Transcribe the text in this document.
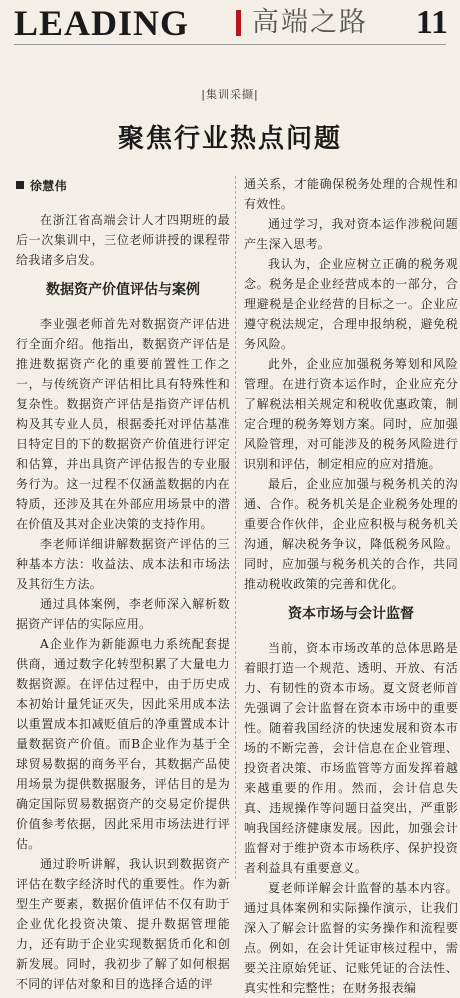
LEADING 高端之路 11
|集训采撷|
聚焦行业热点问题

徐慧伟

在浙江省高端会计人才四期班的最后一次集训中，三位老师讲授的课程带给我诸多启发。

数据资产价值评估与案例

李业强老师首先对数据资产评估进行全面介绍。他指出，数据资产评估是推进数据资产化的重要前置性工作之一，与传统资产评估相比具有特殊性和复杂性。数据资产评估是指资产评估机构及其专业人员，根据委托对评估基准日特定目的下的数据资产价值进行评定和估算，并出具资产评估报告的专业服务行为。这一过程不仅涵盖数据的内在特质，还涉及其在外部应用场景中的潜在价值及其对企业决策的支持作用。

李老师详细讲解数据资产评估的三种基本方法：收益法、成本法和市场法及其衍生方法。

通过具体案例，李老师深入解析数据资产评估的实际应用。

A企业作为新能源电力系统配套提供商，通过数字化转型积累了大量电力数据资源。在评估过程中，由于历史成本初始计量凭证灭失，因此采用成本法以重置成本扣减贬值后的净重置成本计量数据资产价值。而B企业作为基于全球贸易数据的商务平台，其数据产品使用场景为提供数据服务，评估目的是为确定国际贸易数据资产的交易定价提供价值参考依据，因此采用市场法进行评估。

通过聆听讲解，我认识到数据资产评估在数字经济时代的重要性。作为新型生产要素，数据价值评估不仅有助于企业优化投资决策、提升数据管理能力，还有助于企业实现数据货币化和创新发展。同时，我初步了解了如何根据不同的评估对象和目的选择合适的评

通关系，才能确保税务处理的合规性和有效性。

通过学习，我对资本运作涉税问题产生深入思考。

我认为，企业应树立正确的税务观念。税务是企业经营成本的一部分，合理避税是企业经营的目标之一。企业应遵守税法规定，合理申报纳税，避免税务风险。

此外，企业应加强税务筹划和风险管理。在进行资本运作时，企业应充分了解税法相关规定和税收优惠政策，制定合理的税务筹划方案。同时，应加强风险管理，对可能涉及的税务风险进行识别和评估，制定相应的应对措施。

最后，企业应加强与税务机关的沟通、合作。税务机关是企业税务处理的重要合作伙伴，企业应积极与税务机关沟通，解决税务争议，降低税务风险。同时，应加强与税务机关的合作，共同推动税收政策的完善和优化。

资本市场与会计监督

当前，资本市场改革的总体思路是着眼打造一个规范、透明、开放、有活力、有韧性的资本市场。夏文贤老师首先强调了会计监督在资本市场中的重要性。随着我国经济的快速发展和资本市场的不断完善，会计信息在企业管理、投资者决策、市场监管等方面发挥着越来越重要的作用。然而，会计信息失真、违规操作等问题日益突出，严重影响我国经济健康发展。因此，加强会计监督对于维护资本市场秩序、保护投资者利益具有重要意义。

夏老师详解会计监督的基本内容。通过具体案例和实际操作演示，让我们深入了解会计监督的实务操作和流程要点。例如，在会计凭证审核过程中，需要关注原始凭证、记账凭证的合法性、真实性和完整性；在财务报表编
